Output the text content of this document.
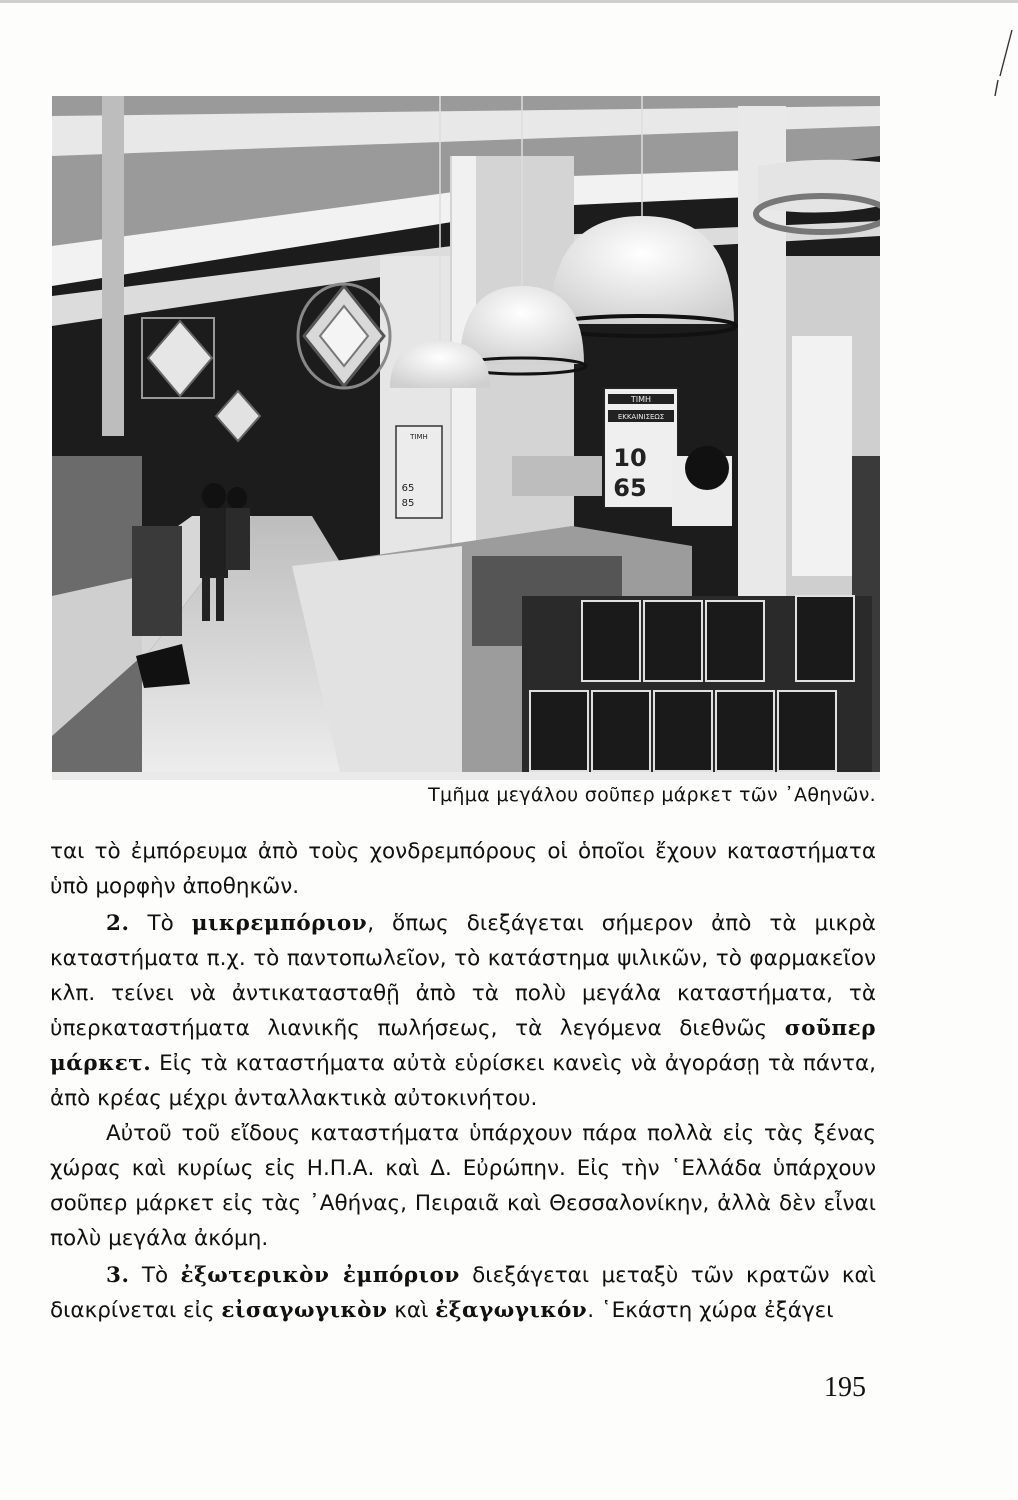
ΤΙΜΗ
ΕΚΚΑΙΝΙΣΕΩΣ
10
65
ΤΙΜΗ
65
85
Τμῆμα μεγάλου σοῦπερ μάρκετ τῶν ᾿Αθηνῶν.

ται τὸ ἐμπόρευμα ἀπὸ τοὺς χονδρεμπόρους οἱ ὁποῖοι ἔχουν καταστήματα ὑπὸ μορφὴν ἀποθηκῶν.

2. Τὸ μικρεμπόριον, ὅπως διεξάγεται σήμερον ἀπὸ τὰ μικρὰ καταστήματα π.χ. τὸ παντοπωλεῖον, τὸ κατάστημα ψιλικῶν, τὸ φαρμακεῖον κλπ. τείνει νὰ ἀντικατασταθῇ ἀπὸ τὰ πολὺ μεγάλα καταστήματα, τὰ ὑπερκαταστήματα λιανικῆς πωλήσεως, τὰ λεγόμενα διεθνῶς σοῦπερ μάρκετ. Εἰς τὰ καταστήματα αὐτὰ εὑρίσκει κανεὶς νὰ ἀγοράσῃ τὰ πάντα, ἀπὸ κρέας μέχρι ἀνταλλακτικὰ αὐτοκινήτου.

Αὐτοῦ τοῦ εἴδους καταστήματα ὑπάρχουν πάρα πολλὰ εἰς τὰς ξένας χώρας καὶ κυρίως εἰς Η.Π.Α. καὶ Δ. Εὐρώπην. Εἰς τὴν ῾Ελλάδα ὑπάρχουν σοῦπερ μάρκετ εἰς τὰς ᾿Αθήνας, Πειραιᾶ καὶ Θεσσαλονίκην, ἀλλὰ δὲν εἶναι πολὺ μεγάλα ἀκόμη.

3. Τὸ ἐξωτερικὸν ἐμπόριον διεξάγεται μεταξὺ τῶν κρατῶν καὶ διακρίνεται εἰς εἰσαγωγικὸν καὶ ἐξαγωγικόν. ῾Εκάστη χώρα ἐξάγει

195
